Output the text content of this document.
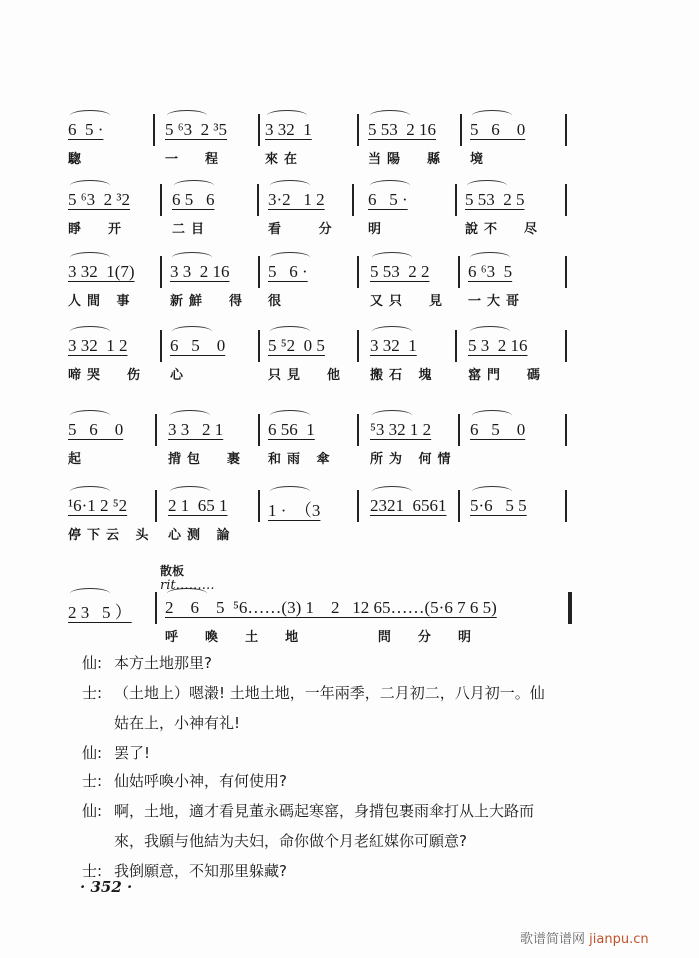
6  5 ·
騘
5 ⁶3  2 ³5
一  程
3 32  1
來在
5 53  2 16
当陽  縣
5   6    0
境
5 ⁶3  2 ³2
睜  开
6 5   6
二目
3·2   1 2
看   分
6   5 ·
明
5 53  2 5
說不  尽
3 32  1(7)
人間 事
3 3  2 16
新鮮  得
5   6 ·
很
5 53  2 2
又只  見
6 ⁶3  5
一大哥
3 32  1 2
啼哭  伤
6   5    0
心
5 ⁵2  0 5
只見  他
3 32  1
搬石 塊
5 3  2 16
窰門  碼
5   6    0
起
3 3   2 1
揹包  裹
6 56  1
和雨 傘
⁵3 32 1 2
所为 何情
6   5    0
¹6·1 2 ⁵2
停下云 头
2 1  65 1
心测 論
1 ·  （3	2321  6561 5·6   5 5
2 3   5 ） 2    6    5  ⁵6……(3) 1    2   12 65……(5·6 7 6 5)
呼  喚  土  地       問  分  明
散板
rit………
仙: 本方土地那里?
士: （土地上）嗯濲! 土地土地，一年兩季，二月初二，八月初一。仙
姑在上，小神有礼!
仙: 罢了!
士: 仙姑呼喚小神，有何使用?
仙: 啊，土地，適才看見董永碼起寒窰，身揹包裹雨傘打从上大路而
來，我願与他結为夫妇，命你做个月老紅媒你可願意?
士: 我倒願意，不知那里躲藏?
· 352 ·
歌谱简谱网 jianpu.cn
